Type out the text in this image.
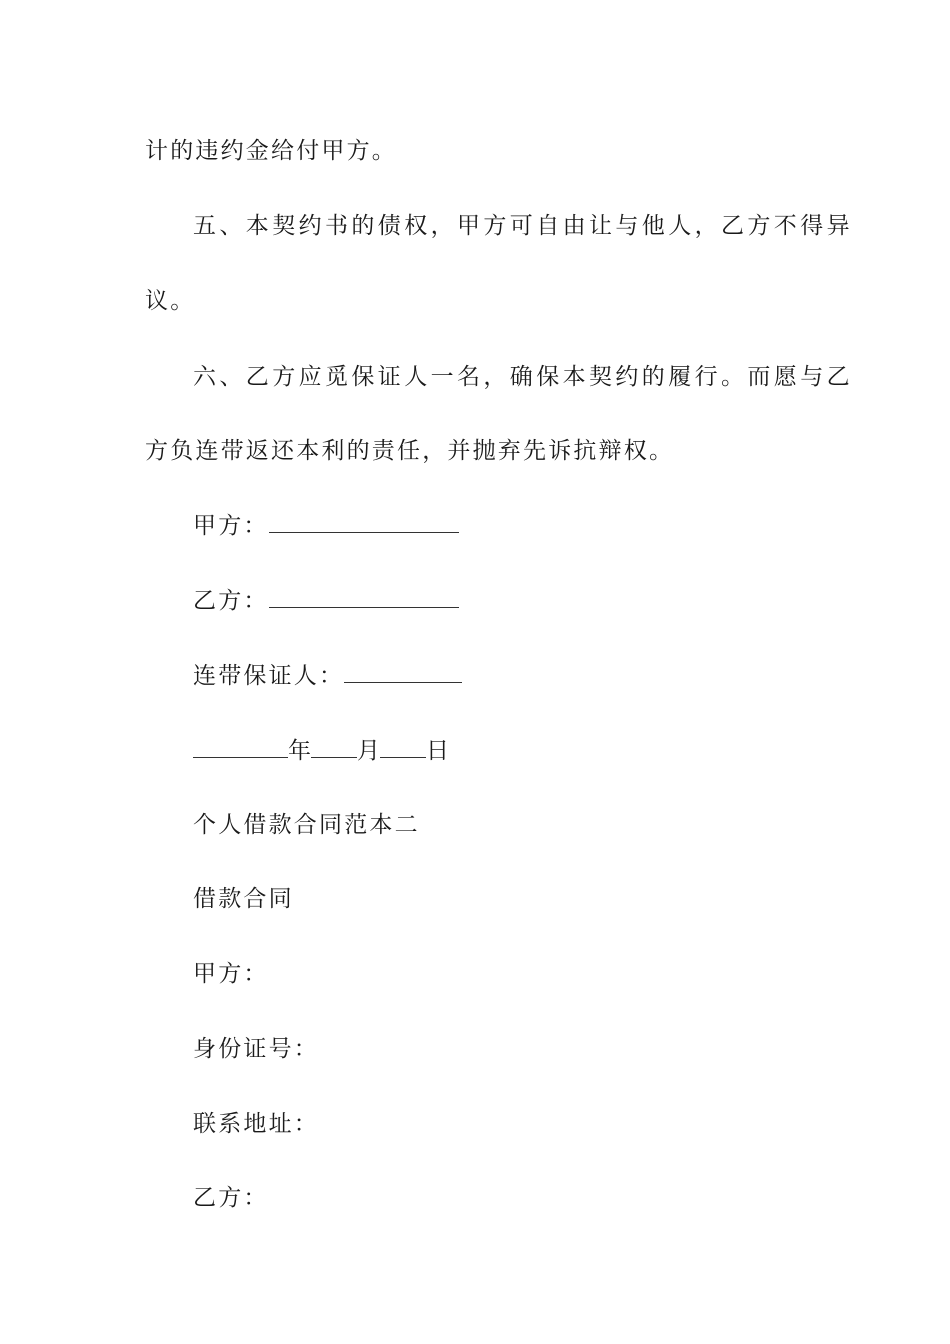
计的违约金给付甲方。
五、本契约书的债权，甲方可自由让与他人，乙方不得异
议。
六、乙方应觅保证人一名，确保本契约的履行。而愿与乙
方负连带返还本利的责任，并抛弃先诉抗辩权。
甲方：
乙方：
连带保证人：
年 月 日
个人借款合同范本二
借款合同
甲方：
身份证号：
联系地址：
乙方：
